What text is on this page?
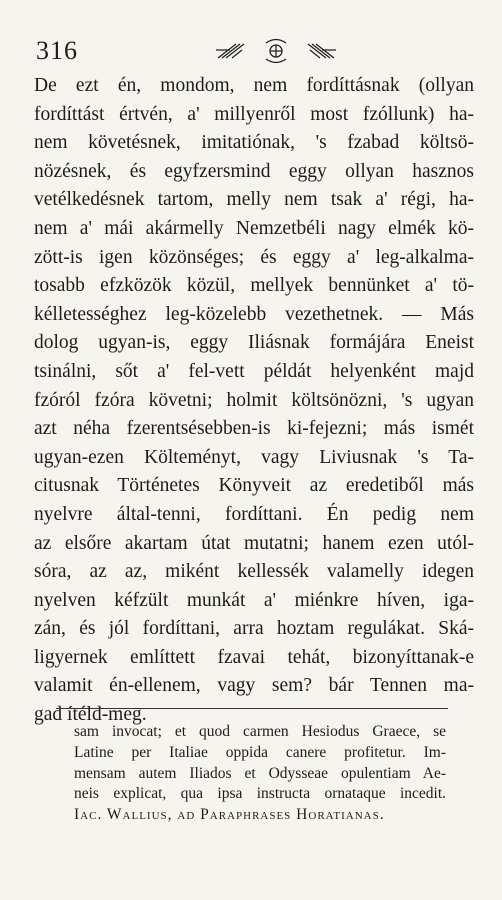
316
De ezt én, mondom, nem fordíttásnak (ollyan
fordíttást értvén, a' millyenről most fzóllunk) ha-
nem követésnek, imitatiónak, 's fzabad költsö-
nözésnek, és egyfzersmind eggy ollyan hasznos
vetélkedésnek tartom, melly nem tsak a' régi, ha-
nem a' mái akármelly Nemzetbéli nagy elmék kö-
zött-is igen közönséges; és eggy a' leg-alkalma-
tosabb efzközök közül, mellyek bennünket a' tö-
kélletességhez leg-közelebb vezethetnek. — Más
dolog ugyan-is, eggy Iliásnak formájára Eneist
tsinálni, sőt a' fel-vett példát helyenként majd
fzóról fzóra követni; holmit költsönözni, 's ugyan
azt néha fzerentsésebben-is ki-fejezni; más ismét
ugyan-ezen Költeményt, vagy Liviusnak 's Ta-
citusnak Történetes Könyveit az eredetiből más
nyelvre által-tenni, fordíttani. Én pedig nem
az elsőre akartam útat mutatni; hanem ezen utól-
sóra, az az, miként kellessék valamelly idegen
nyelven kéfzült munkát a' miénkre híven, iga-
zán, és jól fordíttani, arra hoztam regulákat. Ská-
ligyernek említtett fzavai tehát, bizonyíttanak-e
valamit én-ellenem, vagy sem? bár Tennen ma-
gad ítéld-meg.
sam invocat; et quod carmen Hesiodus Graece, se
Latine per Italiae oppida canere profitetur. Im-
mensam autem Iliados et Odysseae opulentiam Ae-
neis explicat, qua ipsa instructa ornataque incedit.
Iac. Wallius, ad Paraphrases Horatianas.
